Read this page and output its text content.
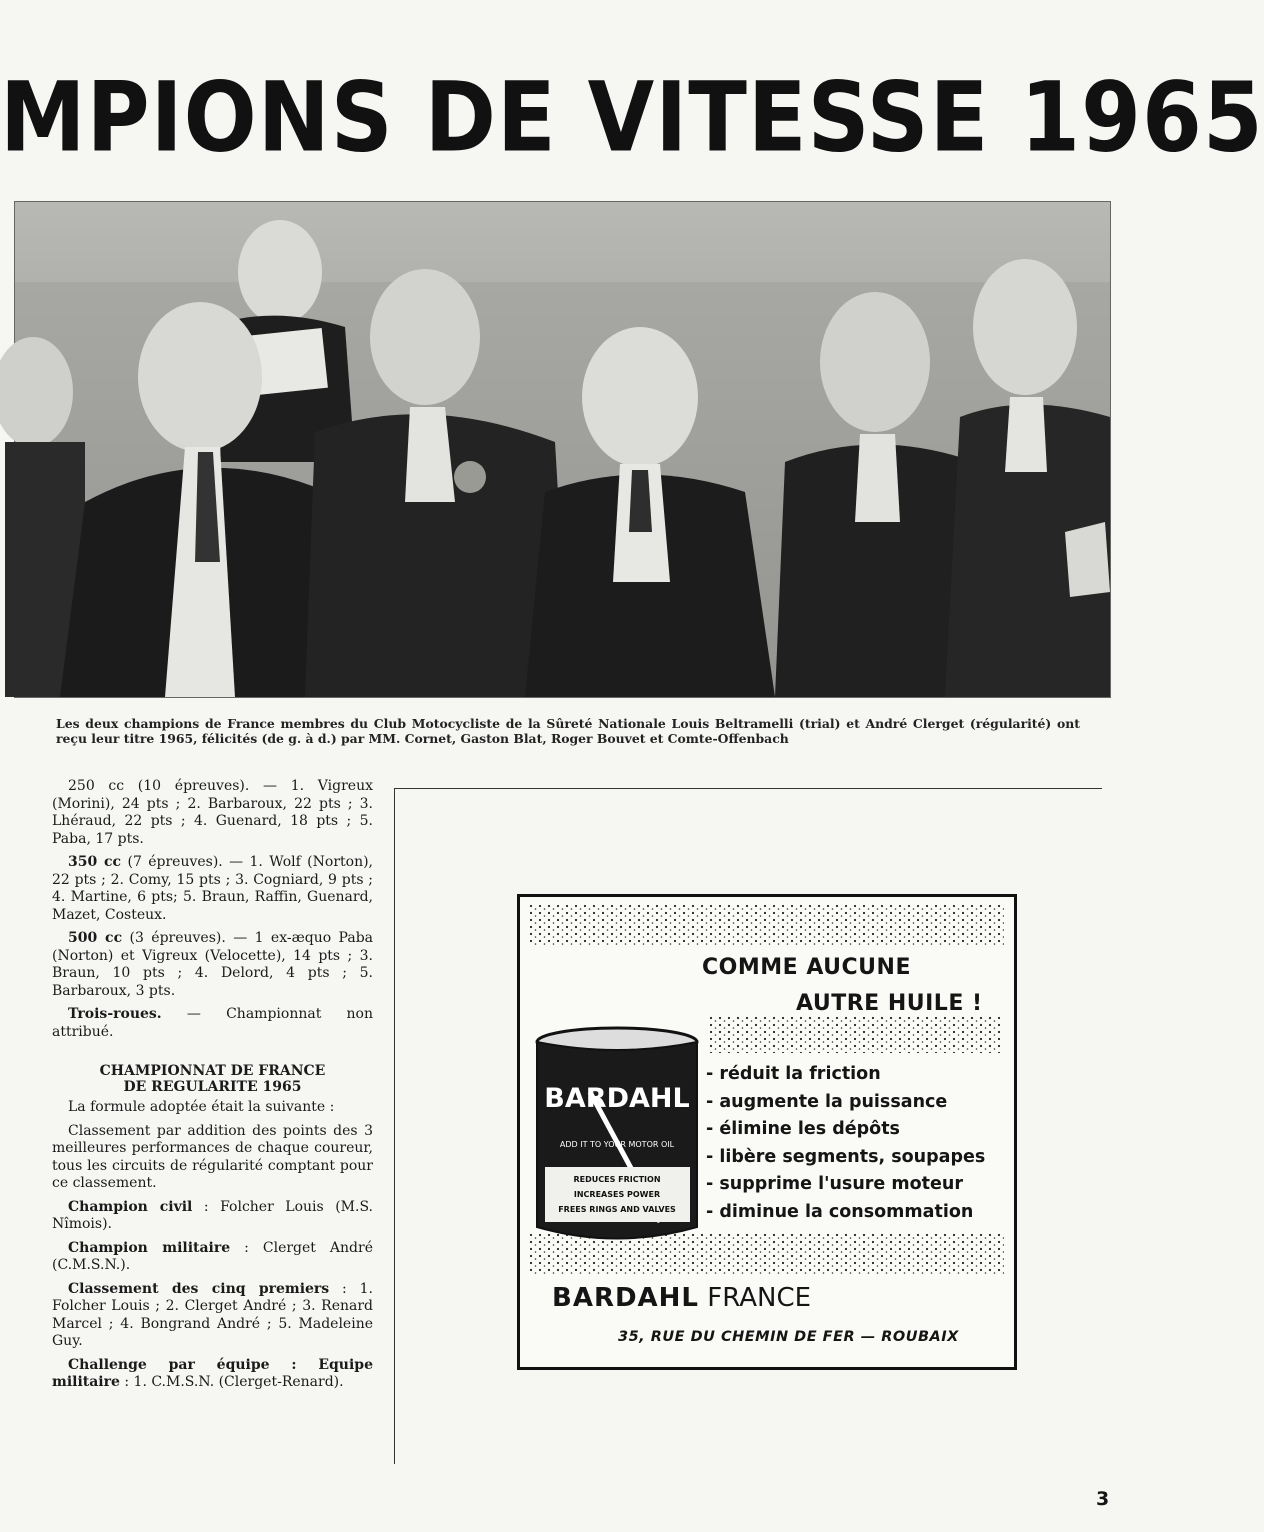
MPIONS DE VITESSE 1965
Les deux champions de France membres du Club Motocycliste de la Sûreté Nationale Louis Beltramelli (trial) et André Clerget (régularité) ont reçu leur titre 1965, félicités (de g. à d.) par MM. Cornet, Gaston Blat, Roger Bouvet et Comte-Offenbach

250 cc (10 épreuves). — 1. Vigreux (Morini), 24 pts ; 2. Barbaroux, 22 pts ; 3. Lhéraud, 22 pts ; 4. Guenard, 18 pts ; 5. Paba, 17 pts.

350 cc (7 épreuves). — 1. Wolf (Norton), 22 pts ; 2. Comy, 15 pts ; 3. Cogniard, 9 pts ; 4. Martine, 6 pts; 5. Braun, Raffin, Guenard, Mazet, Costeux.

500 cc (3 épreuves). — 1 ex-æquo Paba (Norton) et Vigreux (Velocette), 14 pts ; 3. Braun, 10 pts ; 4. Delord, 4 pts ; 5. Barbaroux, 3 pts.

Trois-roues. — Championnat non attribué.

CHAMPIONNAT DE FRANCE
DE REGULARITE 1965

La formule adoptée était la suivante :

Classement par addition des points des 3 meilleures performances de chaque coureur, tous les circuits de régularité comptant pour ce classement.

Champion civil : Folcher Louis (M.S. Nîmois).

Champion militaire : Clerget André (C.M.S.N.).

Classement des cinq premiers : 1. Folcher Louis ; 2. Clerget André ; 3. Renard Marcel ; 4. Bongrand André ; 5. Madeleine Guy.

Challenge par équipe : Equipe militaire : 1. C.M.S.N. (Clerget-Renard).

COMME AUCUNE
AUTRE HUILE !
BARDAHL
ADD IT TO YOUR MOTOR OIL
REDUCES FRICTION
INCREASES POWER
FREES RINGS AND VALVES
- réduit la friction
- augmente la puissance
- élimine les dépôts
- libère segments, soupapes
- supprime l'usure moteur
- diminue la consommation
BARDAHL FRANCE
35, RUE DU CHEMIN DE FER — ROUBAIX
3
